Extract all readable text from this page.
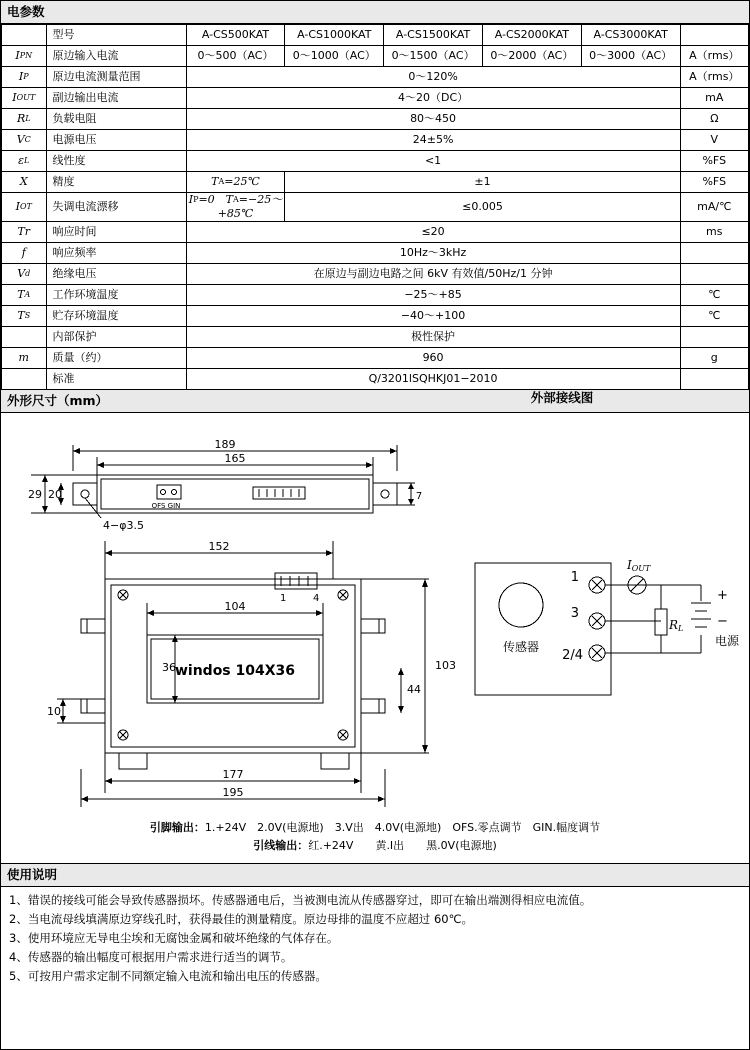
电参数
	型号	A-CS500KAT	A-CS1000KAT	A-CS1500KAT	A-CS2000KAT	A-CS3000KAT	
IPN	原边输入电流	0～500（AC）	0～1000（AC）	0～1500（AC）	0～2000（AC）	0～3000（AC）	A（rms）
IP	原边电流测量范围	0～120%					A（rms）
IOUT	副边输出电流	4～20（DC）					mA
RL	负载电阻	80～450					Ω
VC	电源电压	24±5%					V
εL	线性度	<1					%FS
X	精度	TA=25℃	±1				%FS
IOT	失调电流漂移	IP=0　TA=−25～+85℃	≤0.005				mA/℃
Tr	响应时间	≤20					ms
f	响应频率	10Hz～3kHz					
Vd	绝缘电压	在原边与副边电路之间 6kV 有效值/50Hz/1 分钟					
TA	工作环境温度	−25～+85					℃
TS	贮存环境温度	−40～+100					℃
	内部保护	极性保护					
m	质量（约）	960					g
	标准	Q/3201lSQHKJ01−2010					
外形尺寸（mm）	外部接线图
189
165
29 20	7
4−φ3.5
OFS GIN
152
104
36	103
44
10
177
195
1	4
windos 104X36
1
3
2/4
传感器
IOUT
RL
+
−
电源
引脚输出：1.+24V　2.0V(电源地)　3.V出　4.0V(电源地)　OFS.零点调节　GIN.幅度调节
引线输出：红.+24V　　黄.I出　　黑.0V(电源地)
使用说明
1、错误的接线可能会导致传感器损坏。传感器通电后，当被测电流从传感器穿过，即可在输出端测得相应电流值。
2、当电流母线填满原边穿线孔时，获得最佳的测量精度。原边母排的温度不应超过 60℃。
3、使用环境应无导电尘埃和无腐蚀金属和破坏绝缘的气体存在。
4、传感器的输出幅度可根据用户需求进行适当的调节。
5、可按用户需求定制不同额定输入电流和输出电压的传感器。
